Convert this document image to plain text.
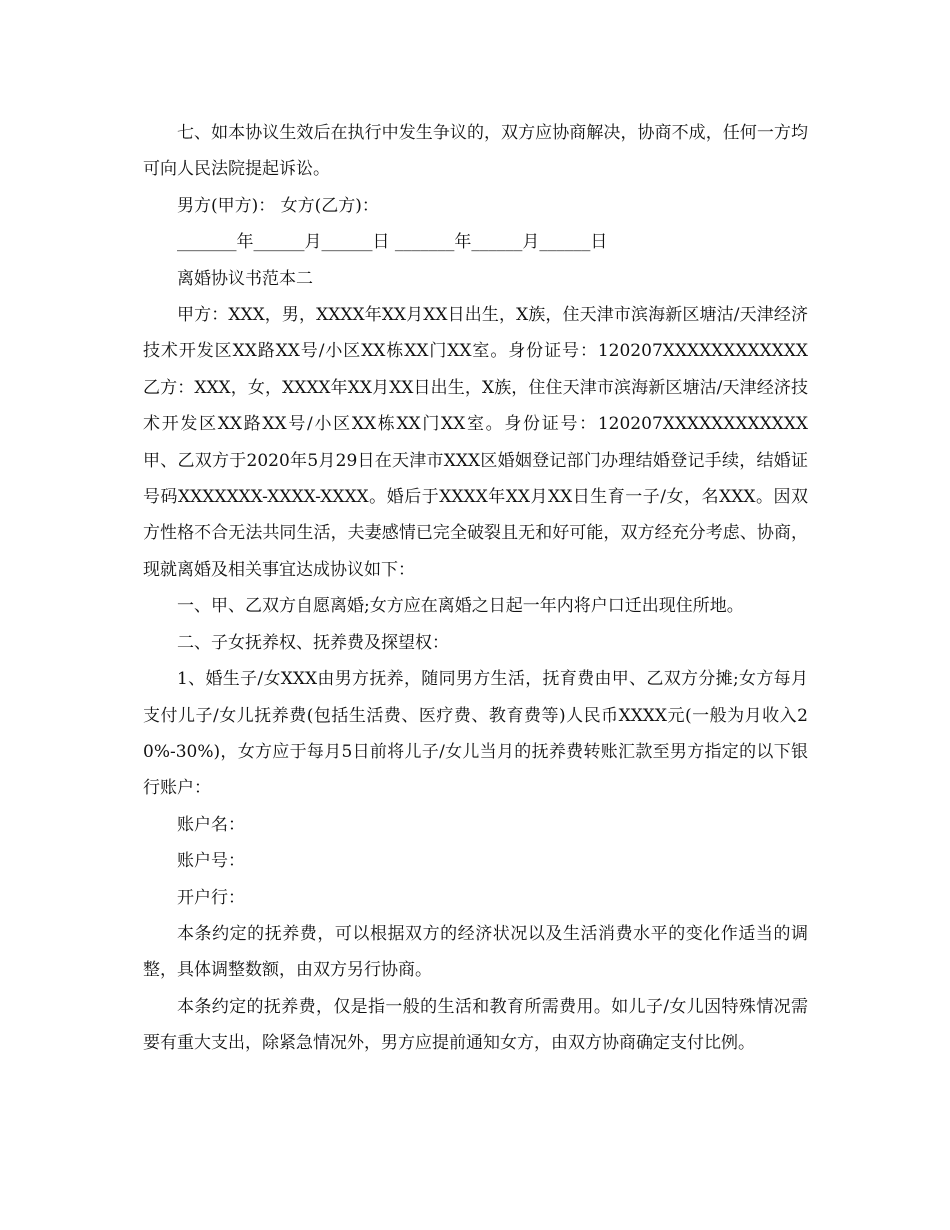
七、如本协议生效后在执行中发生争议的，双方应协商解决，协商不成，任何一方均可向人民法院提起诉讼。

男方(甲方)： 女方(乙方)：

_______年______月______日 _______年______月______日

离婚协议书范本二

甲方：XXX，男，XXXX年XX月XX日出生，X族，住天津市滨海新区塘沽/天津经济技术开发区XX路XX号/小区XX栋XX门XX室。身份证号：120207XXXXXXXXXXXX 乙方：XXX，女，XXXX年XX月XX日出生，X族，住住天津市滨海新区塘沽/天津经济技术开发区XX路XX号/小区XX栋XX门XX室。身份证号：120207XXXXXXXXXXXX 甲、乙双方于2020年5月29日在天津市XXX区婚姻登记部门办理结婚登记手续，结婚证号码XXXXXXX-XXXX-XXXX。婚后于XXXX年XX月XX日生育一子/女，名XXX。因双方性格不合无法共同生活，夫妻感情已完全破裂且无和好可能，双方经充分考虑、协商，现就离婚及相关事宜达成协议如下：

一、甲、乙双方自愿离婚;女方应在离婚之日起一年内将户口迁出现住所地。

二、子女抚养权、抚养费及探望权：

1、婚生子/女XXX由男方抚养，随同男方生活，抚育费由甲、乙双方分摊;女方每月支付儿子/女儿抚养费(包括生活费、医疗费、教育费等)人民币XXXX元(一般为月收入20%-30%)，女方应于每月5日前将儿子/女儿当月的抚养费转账汇款至男方指定的以下银行账户：

账户名：

账户号：

开户行：

本条约定的抚养费，可以根据双方的经济状况以及生活消费水平的变化作适当的调整，具体调整数额，由双方另行协商。

本条约定的抚养费，仅是指一般的生活和教育所需费用。如儿子/女儿因特殊情况需要有重大支出，除紧急情况外，男方应提前通知女方，由双方协商确定支付比例。
